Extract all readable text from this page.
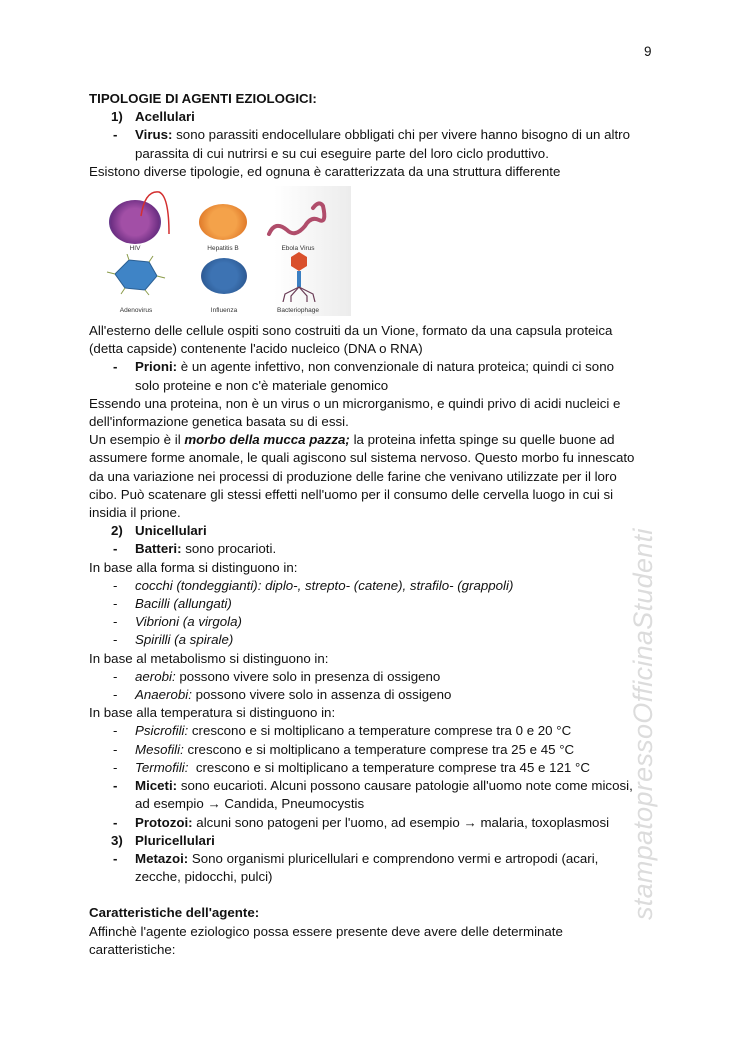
9
TIPOLOGIE DI AGENTI EZIOLOGICI:
1) Acellulari
- Virus: sono parassiti endocellulare obbligati chi per vivere hanno bisogno di un altro
parassita di cui nutrirsi e su cui eseguire parte del loro ciclo produttivo.
Esistono diverse tipologie, ed ognuna è caratterizzata da una struttura differente
HIV	Hepatitis B	Ebola Virus
Adenovirus	Influenza	Bacteriophage
All'esterno delle cellule ospiti sono costruiti da un Vione, formato da una capsula proteica
(detta capside) contenente l'acido nucleico (DNA o RNA)
- Prioni: è un agente infettivo, non convenzionale di natura proteica; quindi ci sono
solo proteine e non c'è materiale genomico
Essendo una proteina, non è un virus o un microrganismo, e quindi privo di acidi nucleici e
dell'informazione genetica basata su di essi.
Un esempio è il morbo della mucca pazza; la proteina infetta spinge su quelle buone ad
assumere forme anomale, le quali agiscono sul sistema nervoso. Questo morbo fu innescato
da una variazione nei processi di produzione delle farine che venivano utilizzate per il loro
cibo. Può scatenare gli stessi effetti nell'uomo per il consumo delle cervella luogo in cui si
insidia il prione.
2) Unicellulari
- Batteri: sono procarioti.
In base alla forma si distinguono in:
- cocchi (tondeggianti): diplo-, strepto- (catene), strafilo- (grappoli)
- Bacilli (allungati)
- Vibrioni (a virgola)
- Spirilli (a spirale)
In base al metabolismo si distinguono in:
- aerobi: possono vivere solo in presenza di ossigeno
- Anaerobi: possono vivere solo in assenza di ossigeno
In base alla temperatura si distinguono in:
- Psicrofili: crescono e si moltiplicano a temperature comprese tra 0 e 20 °C
- Mesofili: crescono e si moltiplicano a temperature comprese tra 25 e 45 °C
- Termofili:  crescono e si moltiplicano a temperature comprese tra 45 e 121 °C
- Miceti: sono eucarioti. Alcuni possono causare patologie all'uomo note come micosi,
ad esempio → Candida, Pneumocystis
- Protozoi: alcuni sono patogeni per l'uomo, ad esempio → malaria, toxoplasmosi
3) Pluricellulari
- Metazoi: Sono organismi pluricellulari e comprendono vermi e artropodi (acari,
zecche, pidocchi, pulci)
Caratteristiche dell'agente:
Affinchè l'agente eziologico possa essere presente deve avere delle determinate
caratteristiche:
stampatopressoOfficinaStudenti
